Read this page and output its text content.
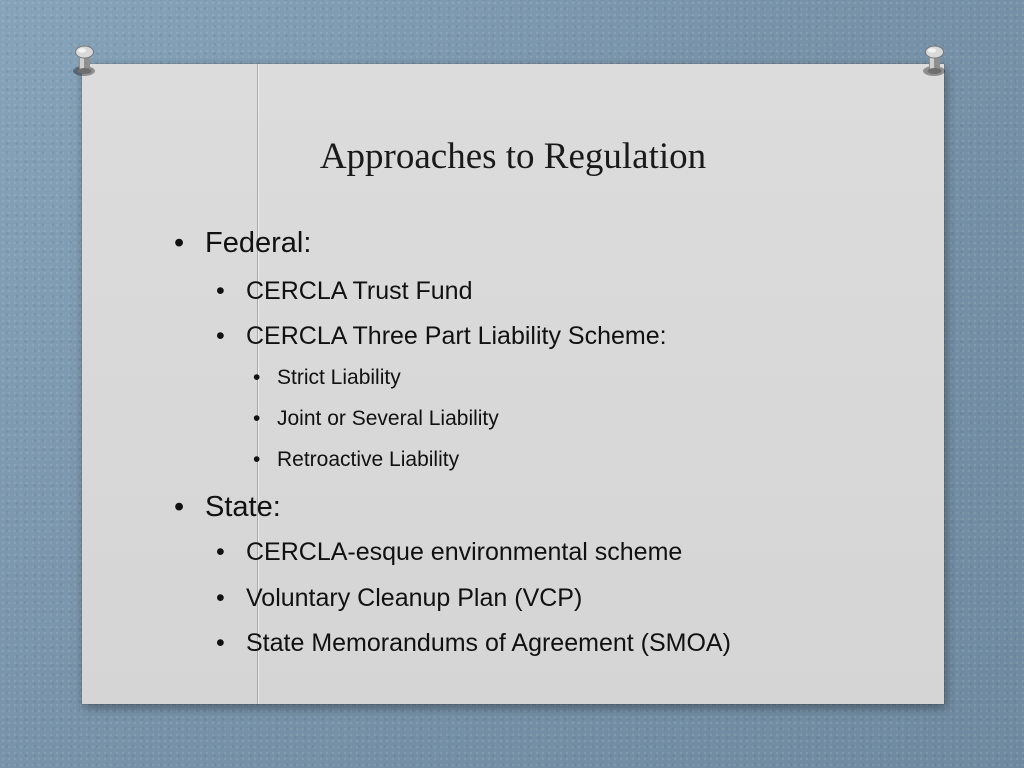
Approaches to Regulation
• Federal:
• CERCLA Trust Fund
• CERCLA Three Part Liability Scheme:
• Strict Liability
• Joint or Several Liability
• Retroactive Liability
• State:
• CERCLA-esque environmental scheme
• Voluntary Cleanup Plan (VCP)
• State Memorandums of Agreement (SMOA)
